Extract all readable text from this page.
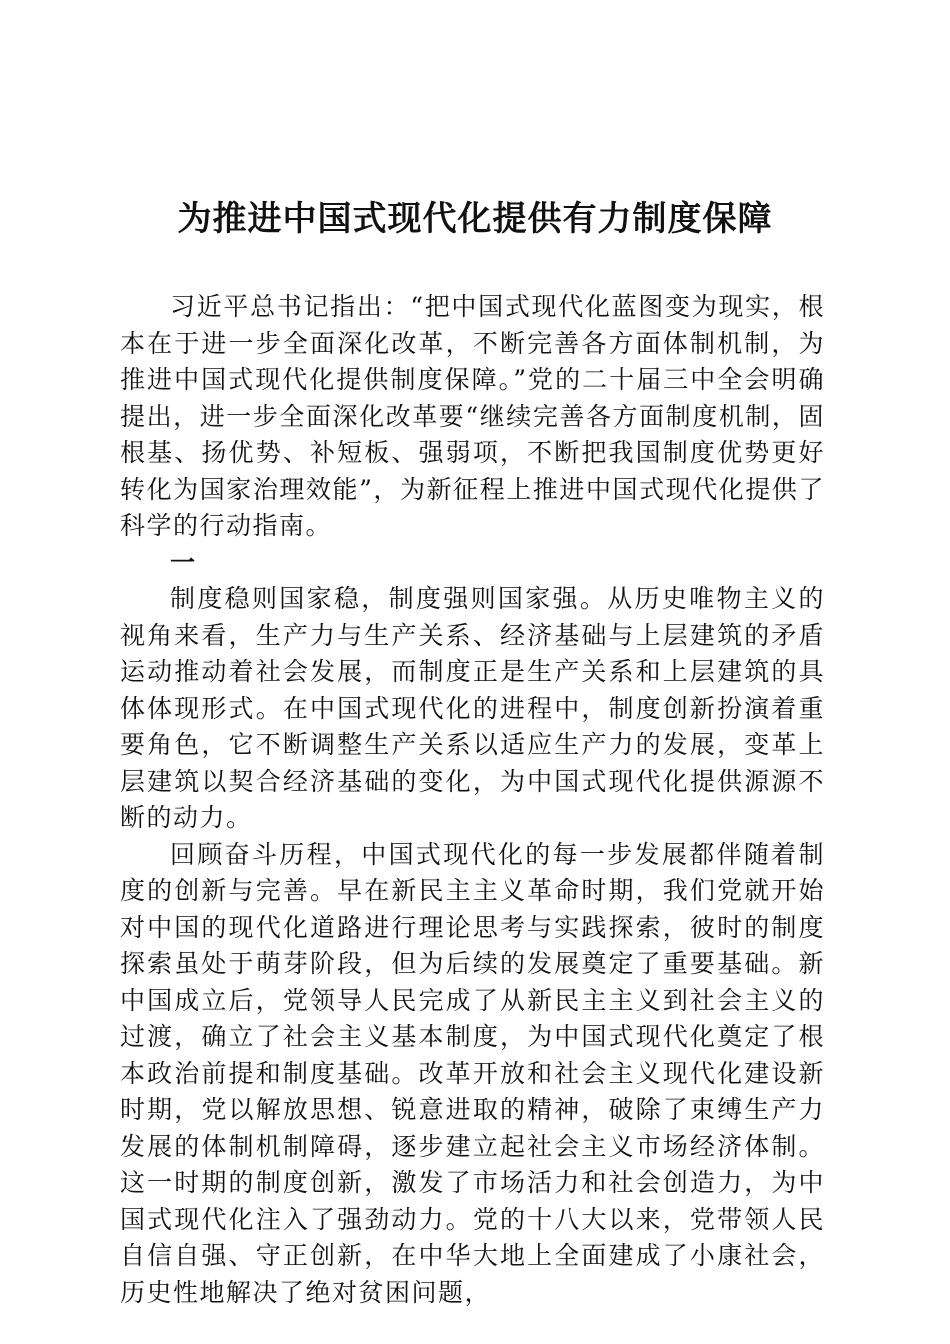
为推进中国式现代化提供有力制度保障

习近平总书记指出：“把中国式现代化蓝图变为现实，根本在于进一步全面深化改革，不断完善各方面体制机制，为推进中国式现代化提供制度保障。”党的二十届三中全会明确提出，进一步全面深化改革要“继续完善各方面制度机制，固根基、扬优势、补短板、强弱项，不断把我国制度优势更好转化为国家治理效能”，为新征程上推进中国式现代化提供了科学的行动指南。

一

制度稳则国家稳，制度强则国家强。从历史唯物主义的视角来看，生产力与生产关系、经济基础与上层建筑的矛盾运动推动着社会发展，而制度正是生产关系和上层建筑的具体体现形式。在中国式现代化的进程中，制度创新扮演着重要角色，它不断调整生产关系以适应生产力的发展，变革上层建筑以契合经济基础的变化，为中国式现代化提供源源不断的动力。

回顾奋斗历程，中国式现代化的每一步发展都伴随着制度的创新与完善。早在新民主主义革命时期，我们党就开始对中国的现代化道路进行理论思考与实践探索，彼时的制度探索虽处于萌芽阶段，但为后续的发展奠定了重要基础。新中国成立后，党领导人民完成了从新民主主义到社会主义的过渡，确立了社会主义基本制度，为中国式现代化奠定了根本政治前提和制度基础。改革开放和社会主义现代化建设新时期，党以解放思想、锐意进取的精神，破除了束缚生产力发展的体制机制障碍，逐步建立起社会主义市场经济体制。这一时期的制度创新，激发了市场活力和社会创造力，为中国式现代化注入了强劲动力。党的十八大以来，党带领人民自信自强、守正创新，在中华大地上全面建成了小康社会，历史性地解决了绝对贫困问题，
